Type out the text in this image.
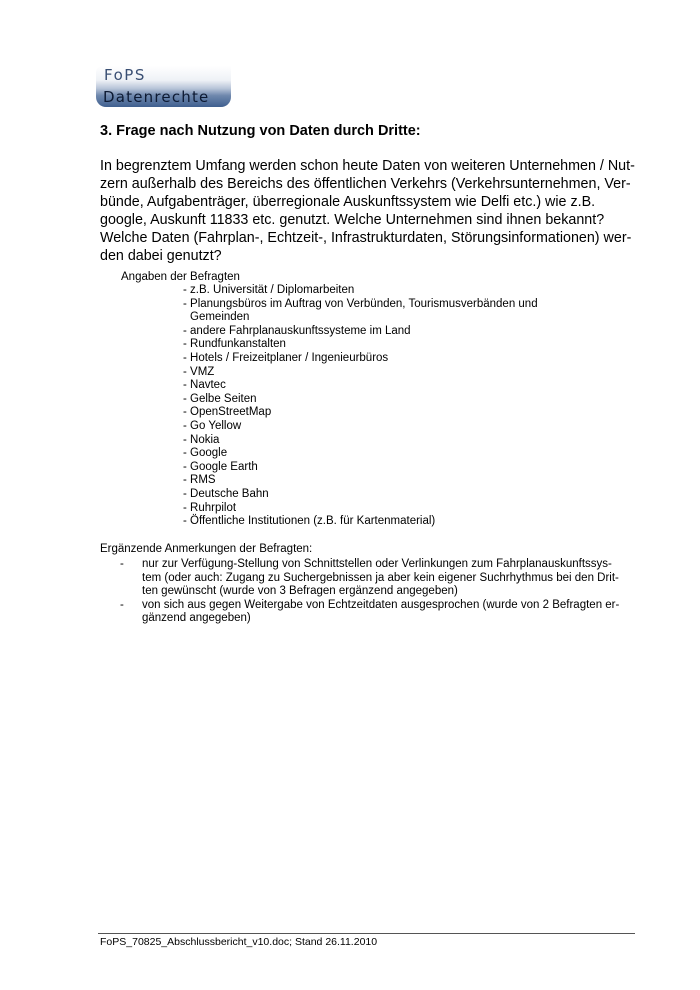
FoPS
Datenrechte
3. Frage nach Nutzung von Daten durch Dritte:
In begrenztem Umfang werden schon heute Daten von weiteren Unternehmen / Nut-
zern außerhalb des Bereichs des öffentlichen Verkehrs (Verkehrsunternehmen, Ver-
bünde, Aufgabenträger, überregionale Auskunftssystem wie Delfi etc.) wie z.B.
google, Auskunft 11833 etc. genutzt. Welche Unternehmen sind ihnen bekannt?
Welche Daten (Fahrplan-, Echtzeit-, Infrastrukturdaten, Störungsinformationen) wer-
den dabei genutzt?
Angaben der Befragten
- z.B. Universität / Diplomarbeiten
- Planungsbüros im Auftrag von Verbünden, Tourismusverbänden und
Gemeinden
- andere Fahrplanauskunftssysteme im Land
- Rundfunkanstalten
- Hotels / Freizeitplaner / Ingenieurbüros
- VMZ
- Navtec
- Gelbe Seiten
- OpenStreetMap
- Go Yellow
- Nokia
- Google
- Google Earth
- RMS
- Deutsche Bahn
- Ruhrpilot
- Öffentliche Institutionen (z.B. für Kartenmaterial)
Ergänzende Anmerkungen der Befragten:
- nur zur Verfügung-Stellung von Schnittstellen oder Verlinkungen zum Fahrplanauskunftssys-
tem (oder auch: Zugang zu Suchergebnissen ja aber kein eigener Suchrhythmus bei den Drit-
ten gewünscht (wurde von 3 Befragen ergänzend angegeben)
- von sich aus gegen Weitergabe von Echtzeitdaten ausgesprochen (wurde von 2 Befragten er-
gänzend angegeben)
FoPS_70825_Abschlussbericht_v10.doc; Stand 26.11.2010
